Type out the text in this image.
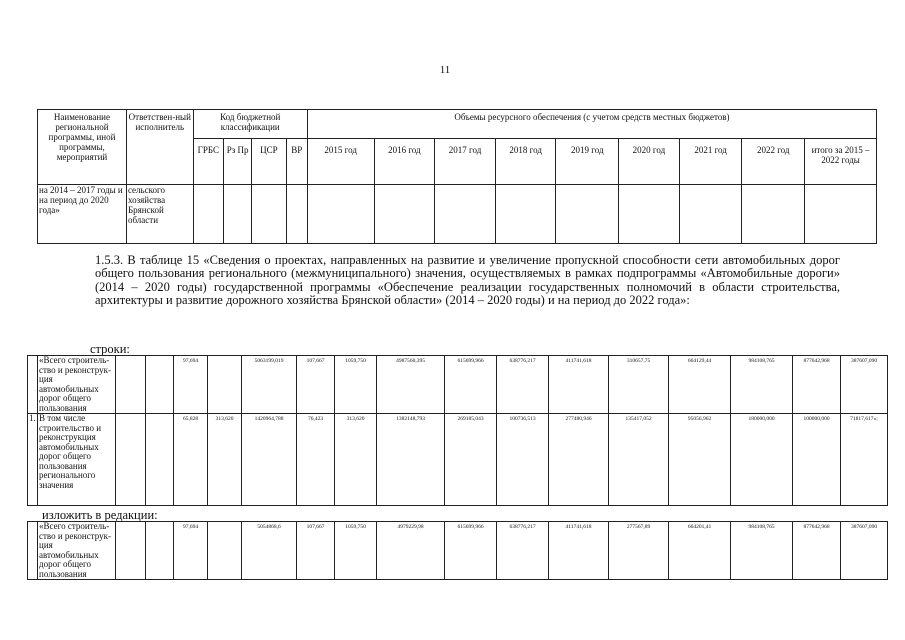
11
Наименование региональной программы, иной программы, мероприятий	Ответствен-ный исполнитель	Код бюджетной классификации				Объемы ресурсного обеспечения (с учетом средств местных бюджетов)								
		ГРБС	Рз Пр	ЦСР	ВР	2015 год	2016 год	2017 год	2018 год	2019 год	2020 год	2021 год	2022 год	итого за 2015 – 2022 годы

на 2014 – 2017 годы и на период до 2020 года»	сельского хозяйства Брянской области													
1.5.3. В таблице 15 «Сведения о проектах, направленных на развитие и увеличение пропускной способности сети автомобильных дорог общего пользования регионального (межмуниципального) значения, осуществляемых в рамках подпрограммы «Автомобильные дороги» (2014 – 2020 годы) государственной программы «Обеспечение реализации государственных полномочий в области строительства, архитектуры и развитие дорожного хозяйства Брянской области» (2014 – 2020 годы) и на период до 2022 года»:
строки:
	«Всего строитель-ство и реконструк-ция автомобильных дорог общего пользования			97,694		5063199,019	107,667	1059,750	4987560,395	615699,966	638776,217	411741,618	310657,75	664129,44	984108,765	877642,968	387607,090
1.	В том числе строительство и реконструкция автомобильных дорог общего пользования регионального значения			65,828	313,620	1420964,788	76,423	313,620	1382148,793	269185,043	100736,513	277480,946	135417,052	95056,962	180000,000	100000,000	71817,617»;
изложить в редакции:
	«Всего строитель-ство и реконструк-ция автомобильных дорог общего пользования			97,694		5054868,6	107,667	1059,750	4979229,98	615699,966	638776,217	411741,618	277567,89	664201,41	984108,765	877642,968	387607,090
